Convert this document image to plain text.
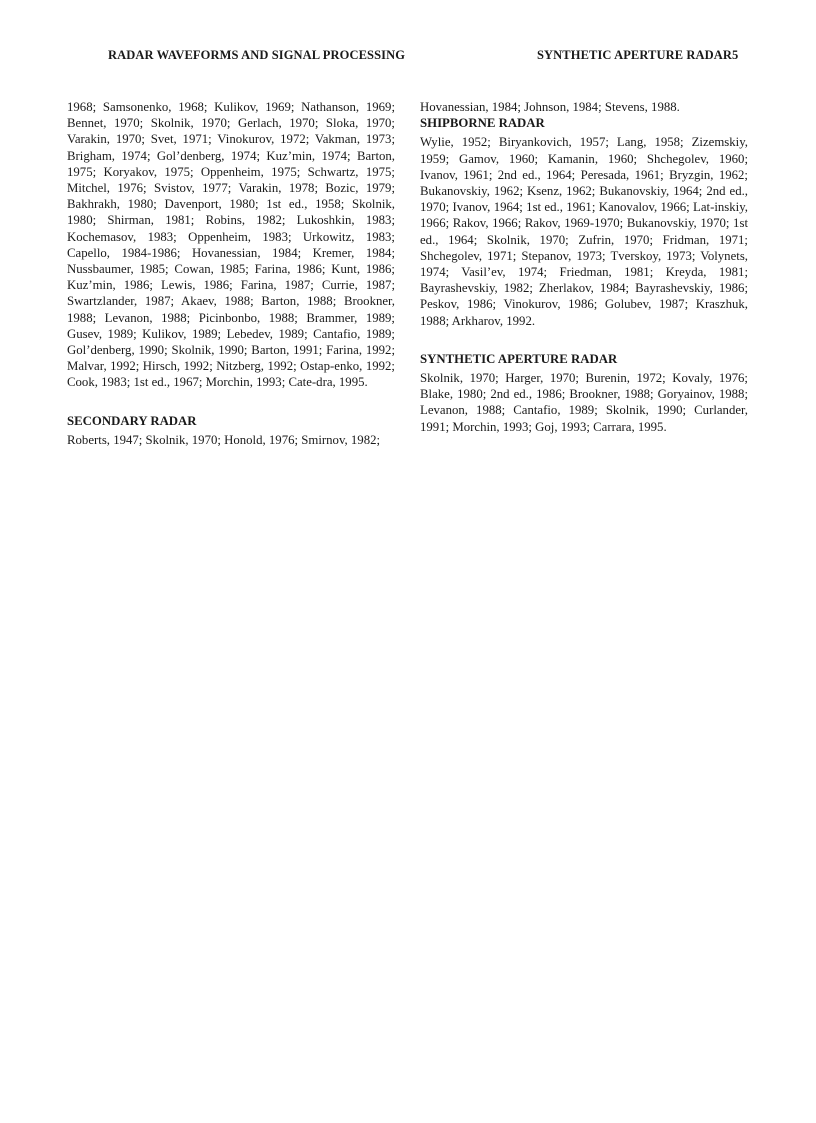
RADAR WAVEFORMS AND SIGNAL PROCESSING	SYNTHETIC APERTURE RADAR5

1968; Samsonenko, 1968; Kulikov, 1969; Nathanson, 1969; Bennet, 1970; Skolnik, 1970; Gerlach, 1970; Sloka, 1970; Varakin, 1970; Svet, 1971; Vinokurov, 1972; Vakman, 1973; Brigham, 1974; Gol’denberg, 1974; Kuz’min, 1974; Barton, 1975; Koryakov, 1975; Oppenheim, 1975; Schwartz, 1975; Mitchel, 1976; Svistov, 1977; Varakin, 1978; Bozic, 1979; Bakhrakh, 1980; Davenport, 1980; 1st ed., 1958; Skolnik, 1980; Shirman, 1981; Robins, 1982; Lukoshkin, 1983; Kochemasov, 1983; Oppenheim, 1983; Urkowitz, 1983; Capello, 1984-1986; Hovanessian, 1984; Kremer, 1984; Nussbaumer, 1985; Cowan, 1985; Farina, 1986; Kunt, 1986; Kuz’min, 1986; Lewis, 1986; Farina, 1987; Currie, 1987; Swartzlander, 1987; Akaev, 1988; Barton, 1988; Brookner, 1988; Levanon, 1988; Picinbonbo, 1988; Brammer, 1989; Gusev, 1989; Kulikov, 1989; Lebedev, 1989; Cantafio, 1989; Gol’denberg, 1990; Skolnik, 1990; Barton, 1991; Farina, 1992; Malvar, 1992; Hirsch, 1992; Nitzberg, 1992; Ostap-enko, 1992; Cook, 1983; 1st ed., 1967; Morchin, 1993; Cate-dra, 1995.

SECONDARY RADAR

Roberts, 1947; Skolnik, 1970; Honold, 1976; Smirnov, 1982;

Hovanessian, 1984; Johnson, 1984; Stevens, 1988.

SHIPBORNE RADAR

Wylie, 1952; Biryankovich, 1957; Lang, 1958; Zizemskiy, 1959; Gamov, 1960; Kamanin, 1960; Shchegolev, 1960; Ivanov, 1961; 2nd ed., 1964; Peresada, 1961; Bryzgin, 1962; Bukanovskiy, 1962; Ksenz, 1962; Bukanovskiy, 1964; 2nd ed., 1970; Ivanov, 1964; 1st ed., 1961; Kanovalov, 1966; Lat-inskiy, 1966; Rakov, 1966; Rakov, 1969-1970; Bukanovskiy, 1970; 1st ed., 1964; Skolnik, 1970; Zufrin, 1970; Fridman, 1971; Shchegolev, 1971; Stepanov, 1973; Tverskoy, 1973; Volynets, 1974; Vasil’ev, 1974; Friedman, 1981; Kreyda, 1981; Bayrashevskiy, 1982; Zherlakov, 1984; Bayrashevskiy, 1986; Peskov, 1986; Vinokurov, 1986; Golubev, 1987; Kraszhuk, 1988; Arkharov, 1992.

SYNTHETIC APERTURE RADAR

Skolnik, 1970; Harger, 1970; Burenin, 1972; Kovaly, 1976; Blake, 1980; 2nd ed., 1986; Brookner, 1988; Goryainov, 1988; Levanon, 1988; Cantafio, 1989; Skolnik, 1990; Curlander, 1991; Morchin, 1993; Goj, 1993; Carrara, 1995.
